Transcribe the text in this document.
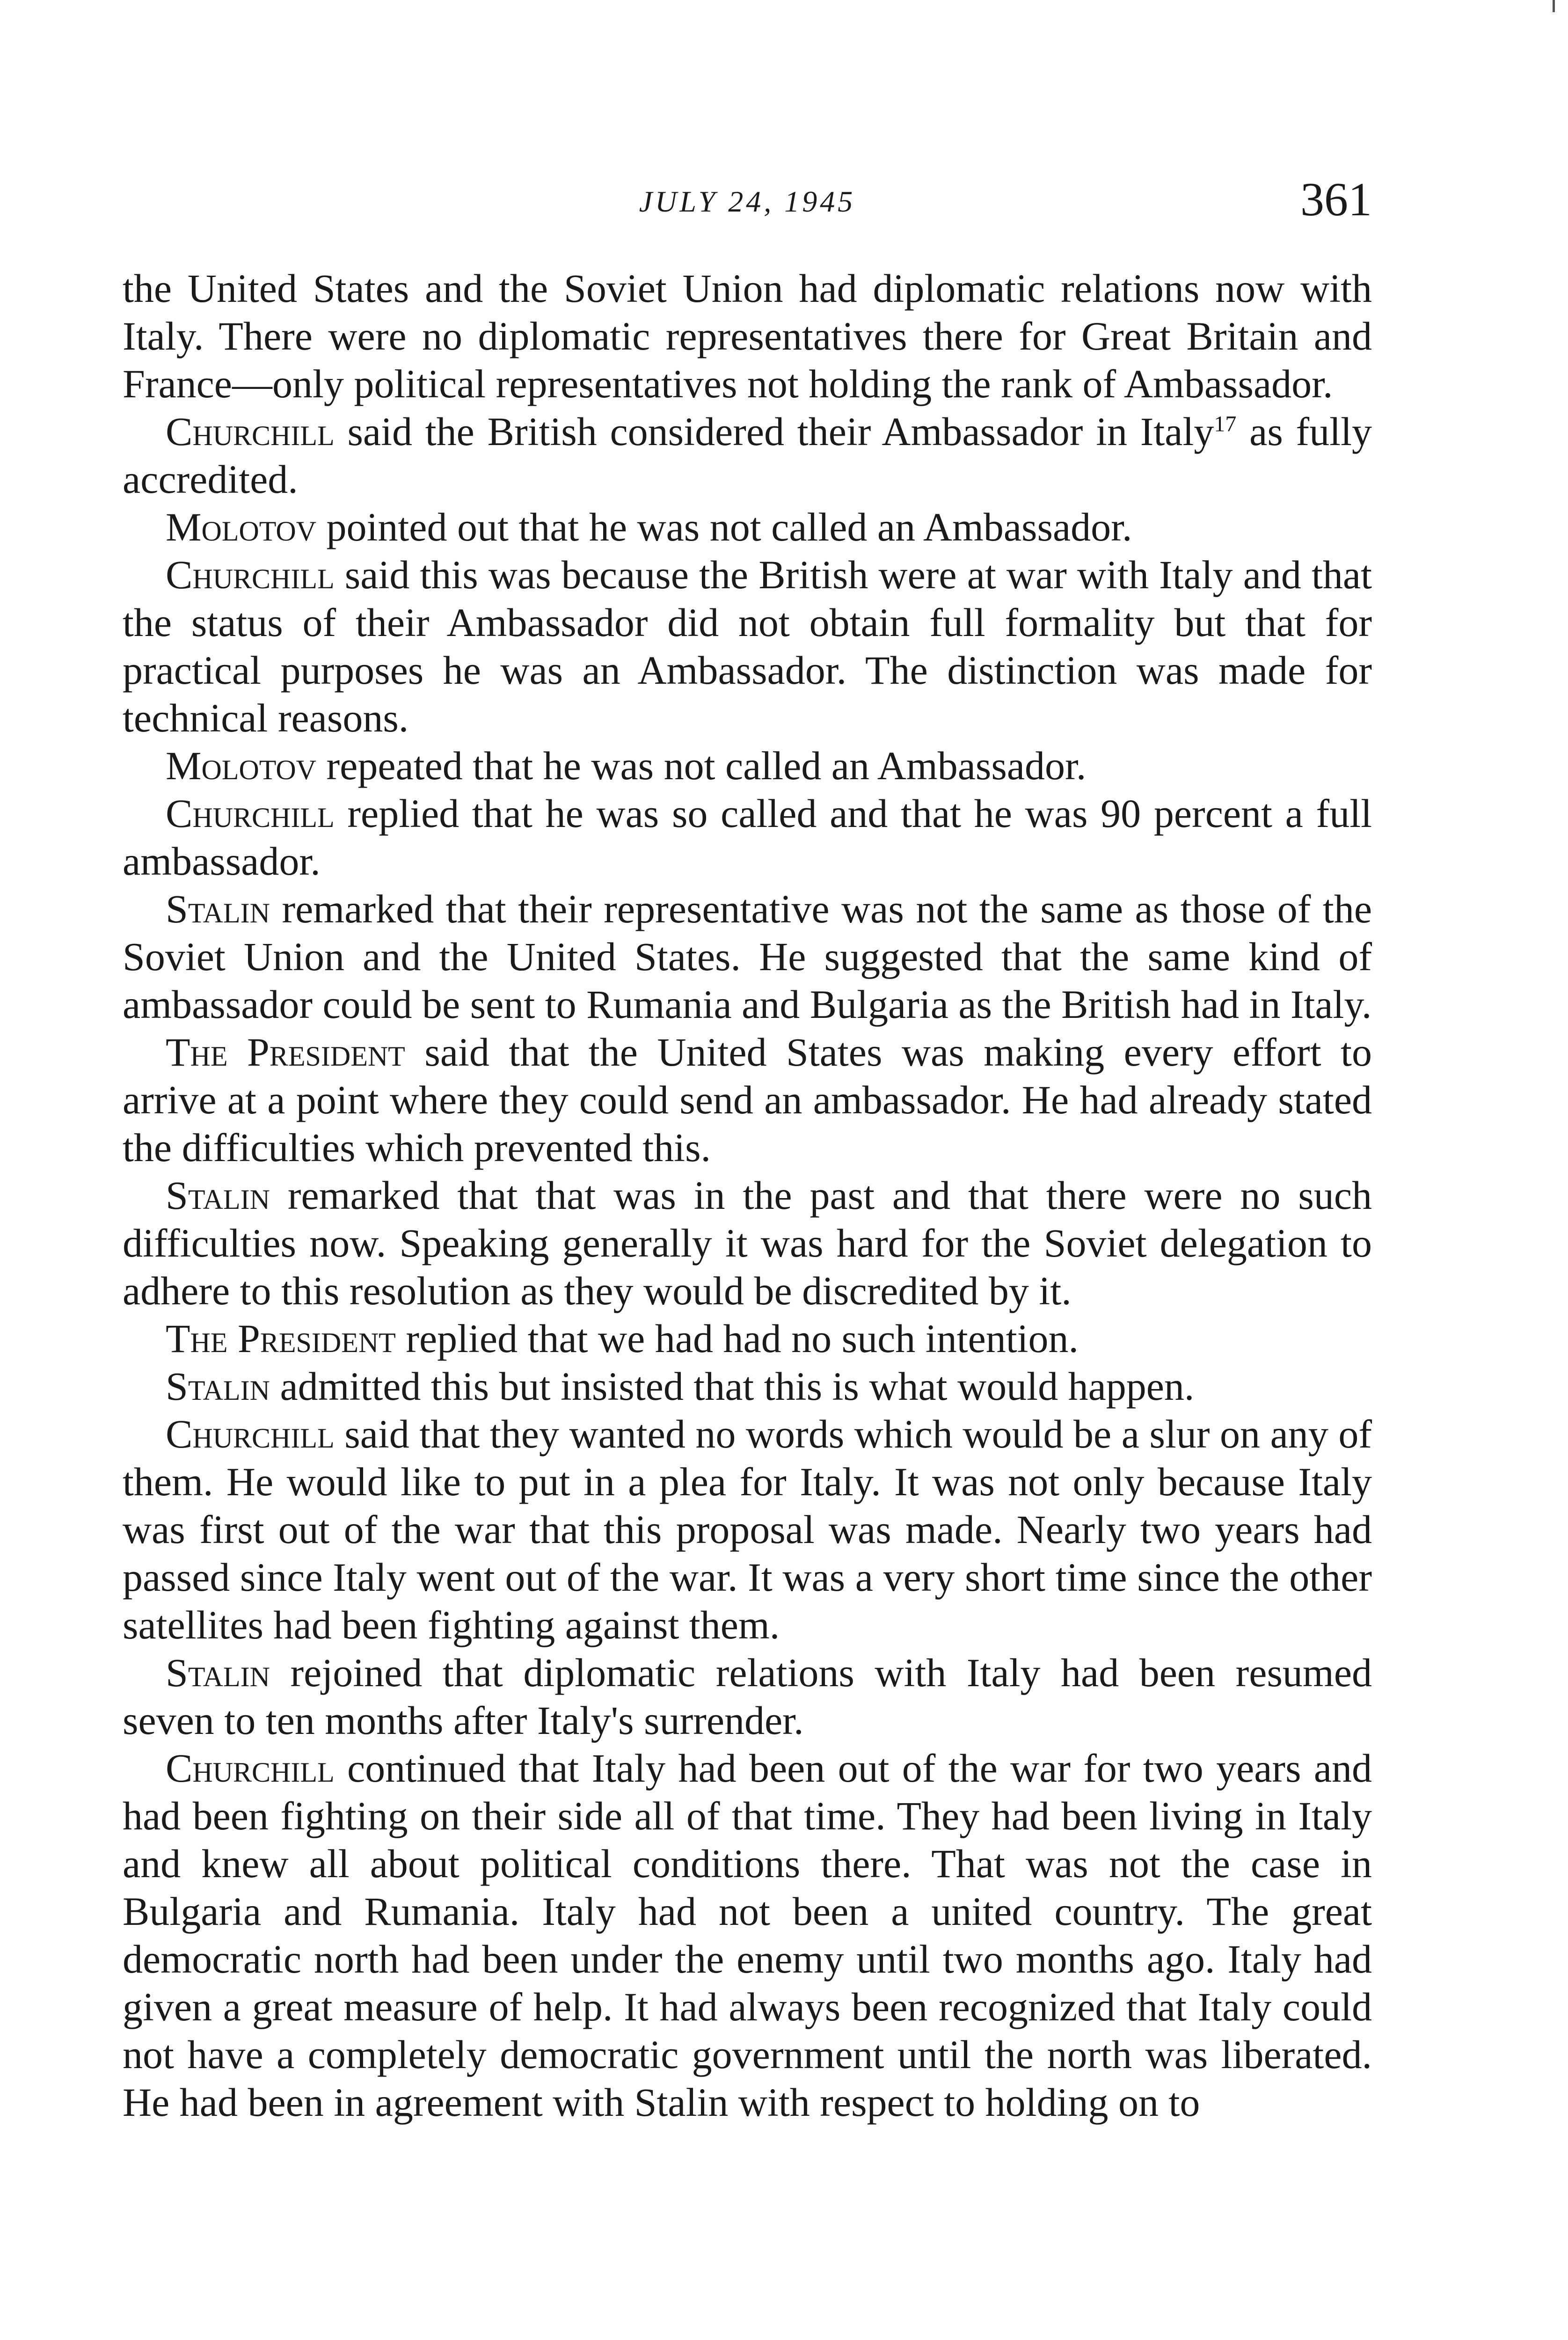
JULY 24, 1945	361

the United States and the Soviet Union had diplomatic relations now with Italy. There were no diplomatic representatives there for Great Britain and France—only political representatives not holding the rank of Ambassador.

Churchill said the British considered their Ambassador in Italy$^{17}$ as fully accredited.

Molotov pointed out that he was not called an Ambassador.

Churchill said this was because the British were at war with Italy and that the status of their Ambassador did not obtain full formality but that for practical purposes he was an Ambassador. The distinction was made for technical reasons.

Molotov repeated that he was not called an Ambassador.

Churchill replied that he was so called and that he was 90 percent a full ambassador.

Stalin remarked that their representative was not the same as those of the Soviet Union and the United States. He suggested that the same kind of ambassador could be sent to Rumania and Bulgaria as the British had in Italy.

The President said that the United States was making every effort to arrive at a point where they could send an ambassador. He had already stated the difficulties which prevented this.

Stalin remarked that that was in the past and that there were no such difficulties now. Speaking generally it was hard for the Soviet delegation to adhere to this resolution as they would be discredited by it.

The President replied that we had had no such intention.

Stalin admitted this but insisted that this is what would happen.

Churchill said that they wanted no words which would be a slur on any of them. He would like to put in a plea for Italy. It was not only because Italy was first out of the war that this proposal was made. Nearly two years had passed since Italy went out of the war. It was a very short time since the other satellites had been fighting against them.

Stalin rejoined that diplomatic relations with Italy had been resumed seven to ten months after Italy's surrender.

Churchill continued that Italy had been out of the war for two years and had been fighting on their side all of that time. They had been living in Italy and knew all about political conditions there. That was not the case in Bulgaria and Rumania. Italy had not been a united country. The great democratic north had been under the enemy until two months ago. Italy had given a great measure of help. It had always been recognized that Italy could not have a completely democratic government until the north was liberated. He had been in agreement with Stalin with respect to holding on to
